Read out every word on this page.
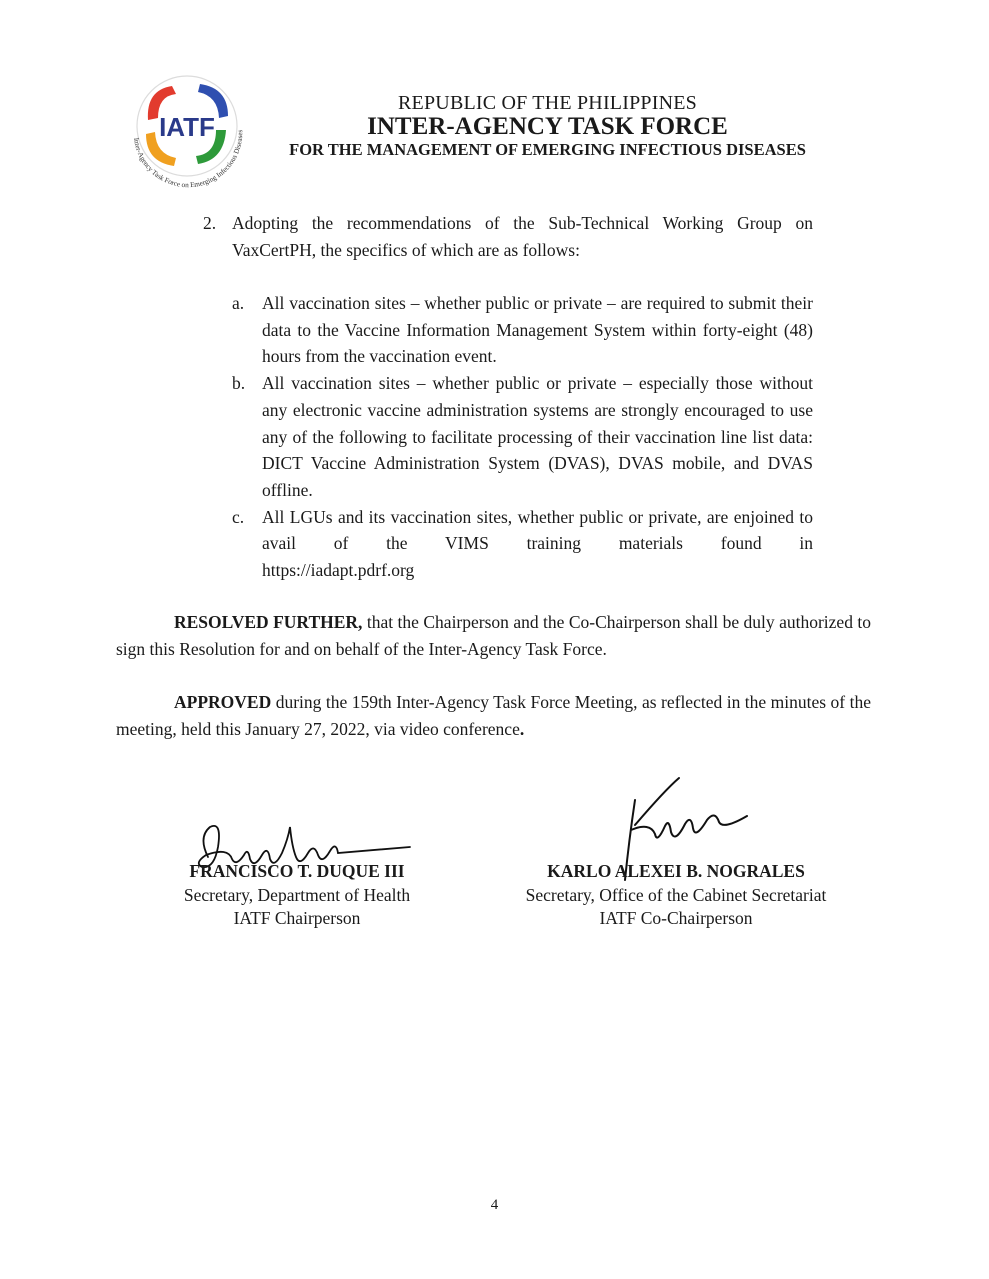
IATF
Inter-Agency Task Force on Emerging Infectious Diseases
REPUBLIC OF THE PHILIPPINES
INTER-AGENCY TASK FORCE
FOR THE MANAGEMENT OF EMERGING INFECTIOUS DISEASES
2. Adopting the recommendations of the Sub-Technical Working Group on VaxCertPH, the specifics of which are as follows:
a. All vaccination sites – whether public or private – are required to submit their data to the Vaccine Information Management System within forty-eight (48) hours from the vaccination event.
b. All vaccination sites – whether public or private – especially those without any electronic vaccine administration systems are strongly encouraged to use any of the following to facilitate processing of their vaccination line list data: DICT Vaccine Administration System (DVAS), DVAS mobile, and DVAS offline.
c. All LGUs and its vaccination sites, whether public or private, are enjoined to avail of the VIMS training materials found in
https://iadapt.pdrf.org
RESOLVED FURTHER, that the Chairperson and the Co-Chairperson shall be duly authorized to sign this Resolution for and on behalf of the Inter-Agency Task Force.
APPROVED during the 159th Inter-Agency Task Force Meeting, as reflected in the minutes of the meeting, held this January 27, 2022, via video conference.
FRANCISCO T. DUQUE III
Secretary, Department of Health
IATF Chairperson
KARLO ALEXEI B. NOGRALES
Secretary, Office of the Cabinet Secretariat
IATF Co-Chairperson
4
